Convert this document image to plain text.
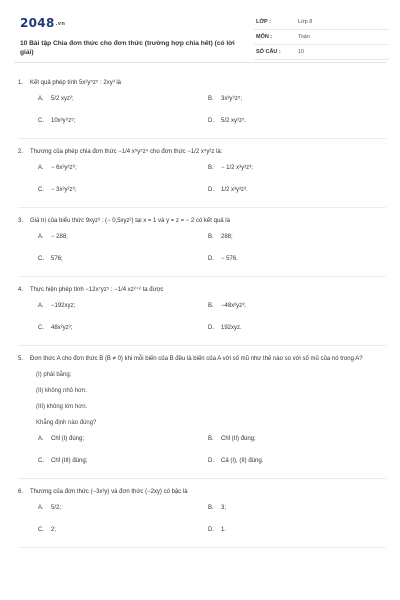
2048.vn
10 Bài tập Chia đơn thức cho đơn thức (trường hợp chia hết) (có lời giải)
LỚP :	Lớp 8
MÔN :	Toán
SỐ CÂU :	10
1. Kết quả phép tính 5x²y⁵z⁵ : 2xy³ là
A. 5/2 xyz²;	B. 3x³y⁹z⁵;
C. 10x³y⁹z⁵;	D. 5/2 xy²z⁵.
2. Thương của phép chia đơn thức −1/4 x⁵y⁵z⁴ cho đơn thức −1/2 x⁴y²z là:
A. − 6x³y²z⁶;	B. − 1/2 x³y³z³;
C. − 3x³y²z⁶;	D. 1/2 x³y³z³.
3. Giá trị của biểu thức 9xyz³ : (− 0,5xyz²) tại x = 1 và y = z = − 2 có kết quả là
A. − 288;	B. 288;
C. 576;	D. − 576.
4. Thực hiện phép tính −12x⁷yz⁵ : −1/4 xz²⁺² ta được
A. −192xyz;	B. −48x²yz³;
C. 48x²yz³;	D. 192xyz.
5. Đơn thức A cho đơn thức B (B ≠ 0) khi mỗi biến của B đều là biến của A với số mũ như thế nào so với số mũ của nó trong A?
(I) phải bằng;
(II) không nhỏ hơn.
(III) không lớn hơn.
Khẳng định nào đúng?
A. Chỉ (I) đúng;	B. Chỉ (II) đúng;
C. Chỉ (III) đúng;	D. Cả (I), (II) đúng.
6. Thương của đơn thức (−3x³y) và đơn thức (−2xy) có bậc là
A. 5/2;	B. 3;
C. 2;	D. 1.
